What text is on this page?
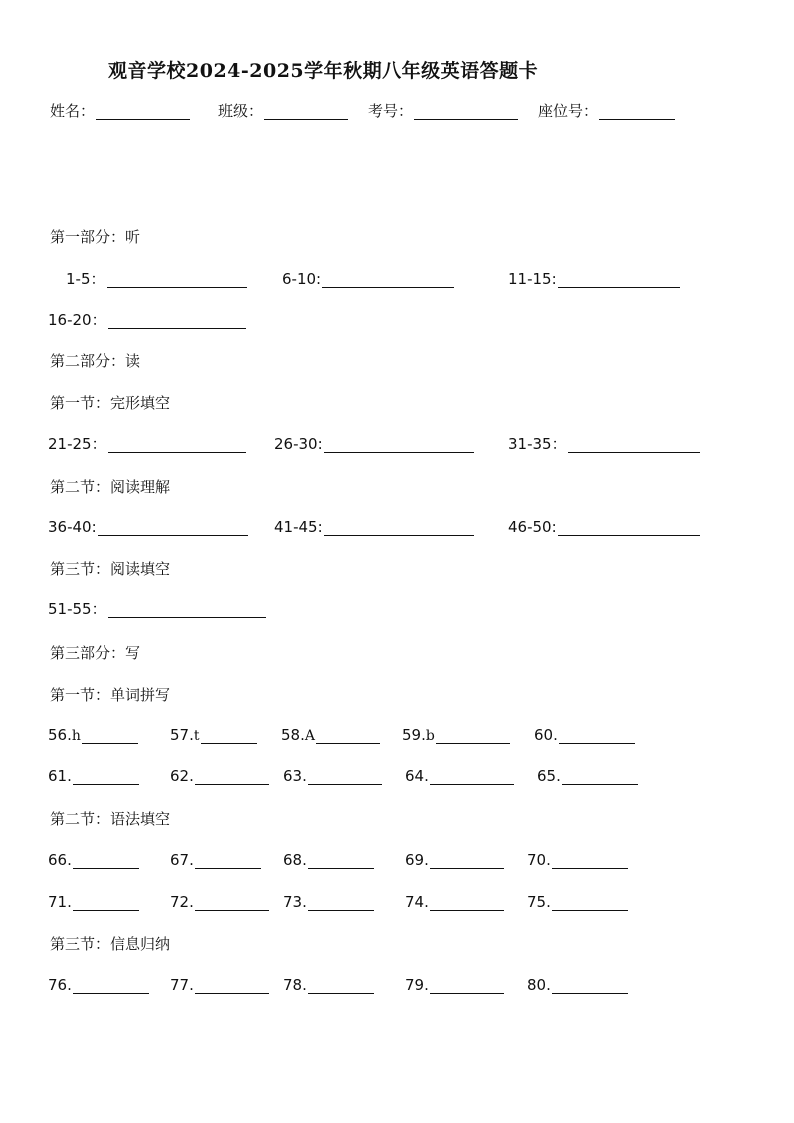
观音学校2024-2025学年秋期八年级英语答题卡
姓名：	班级：	考号：	座位号：
第一部分：听
1-5：	6-10:	11-15:
16-20：
第二部分：读
第一节：完形填空
21-25：	26-30:	31-35：
第二节：阅读理解
36-40:	41-45:	46-50:
第三节：阅读填空
51-55：
第三部分：写
第一节：单词拼写
56. h	57. t	58. A	59. b	60.
61.	62.	63.	64.	65.
第二节：语法填空
66.	67.	68.	69.	70.
71.	72.	73.	74.	75.
第三节：信息归纳
76.	77.	78.	79.	80.
